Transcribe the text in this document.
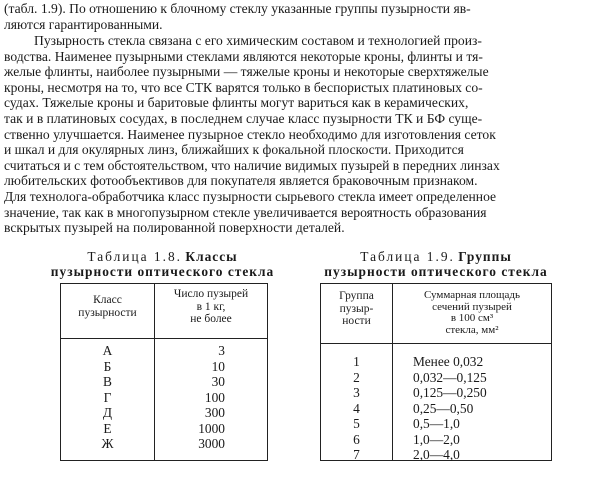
(табл. 1.9). По отношению к блочному стеклу указанные группы пузырности яв-
ляются гарантированными.

Пузырность стекла связана с его химическим составом и технологией произ-
водства. Наименее пузырными стеклами являются некоторые кроны, флинты и тя-
желые флинты, наиболее пузырными — тяжелые кроны и некоторые сверхтяжелые
кроны, несмотря на то, что все СТК варятся только в беспористых платиновых со-
судах. Тяжелые кроны и баритовые флинты могут вариться как в керамических,
так и в платиновых сосудах, в последнем случае класс пузырности ТК и БФ суще-
ственно улучшается. Наименее пузырное стекло необходимо для изготовления сеток
и шкал и для окулярных линз, ближайших к фокальной плоскости. Приходится
считаться и с тем обстоятельством, что наличие видимых пузырей в передних линзах
любительских фотообъективов для покупателя является браковочным признаком.
Для технолога-обработчика класс пузырности сырьевого стекла имеет определенное
значение, так как в многопузырном стекле увеличивается вероятность образования
вскрытых пузырей на полированной поверхности деталей.

Таблица 1.8. Классы
пузырности оптического стекла
Класс
пузырности
Число пузырей
в 1 кг,
не более
А
Б
В
Г
Д
Е
Ж
3
10
30
100
300
1000
3000
Таблица 1.9. Группы
пузырности оптического стекла
Группа
пузыр-
ности
Суммарная площадь
сечений пузырей
в 100 см³
стекла, мм²
1
2
3
4
5
6
7
Менее 0,032
0,032—0,125
0,125—0,250
0,25—0,50
0,5—1,0
1,0—2,0
2,0—4,0
